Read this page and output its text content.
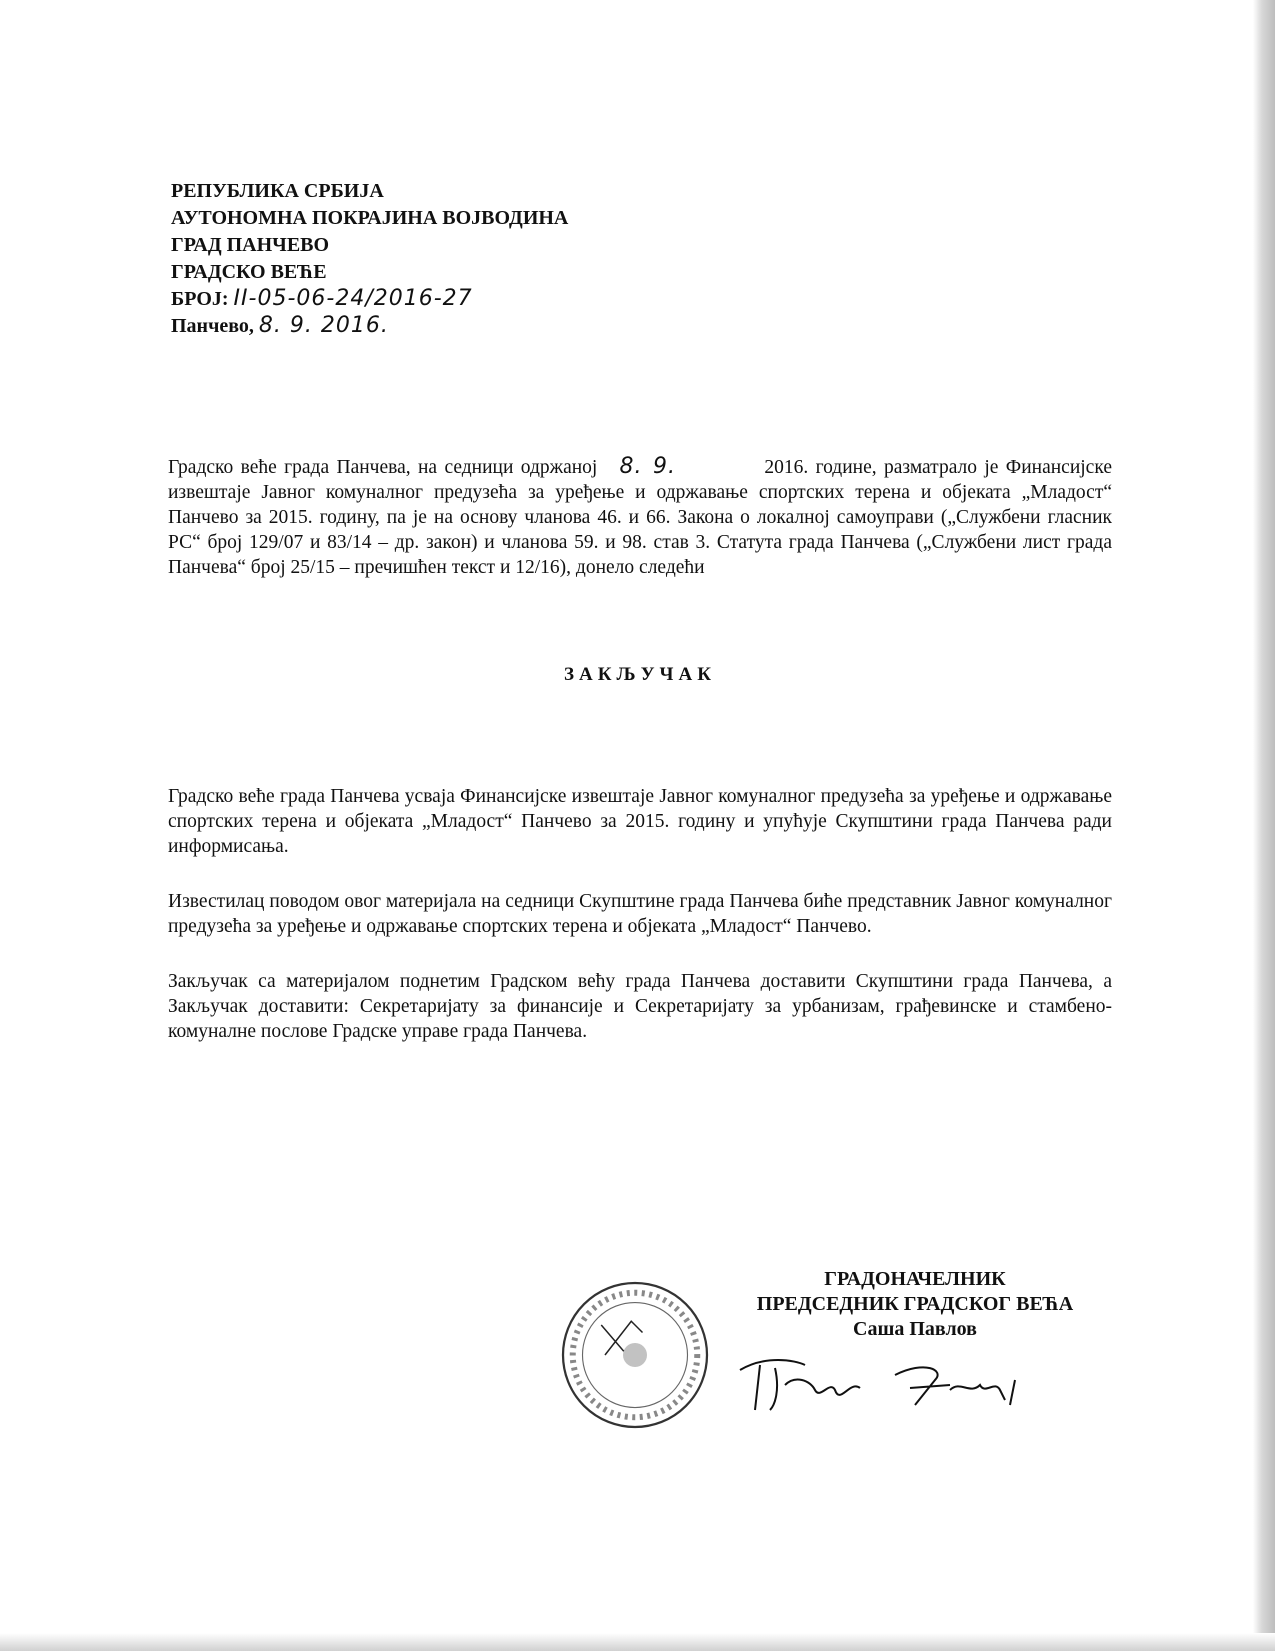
РЕПУБЛИКА СРБИЈА
АУТОНОМНА ПОКРАЈИНА ВОЈВОДИНА
ГРАД ПАНЧЕВО
ГРАДСКО ВЕЋЕ
БРОЈ: II-05-06-24/2016-27
Панчево, 8. 9. 2016.

Градско веће града Панчева, на седници одржаној 8. 9.	2016. године, разматрало је Финансијске извештаје Јавног комуналног предузећа за уређење и одржавање спортских терена и објеката „Младост“ Панчево за 2015. годину, па је на основу чланова 46. и 66. Закона о локалној самоуправи („Службени гласник РС“ број 129/07 и 83/14 – др. закон) и чланова 59. и 98. став 3. Статута града Панчева („Службени лист града Панчева“ број 25/15 – пречишћен текст и 12/16), донело следећи

ЗАКЉУЧАК

Градско веће града Панчева усваја Финансијске извештаје Јавног комуналног предузећа за уређење и одржавање спортских терена и објеката „Младост“ Панчево за 2015. годину и упућује Скупштини града Панчева ради информисања.

Известилац поводом овог материјала на седници Скупштине града Панчева биће представник Јавног комуналног предузећа за уређење и одржавање спортских терена и објеката „Младост“ Панчево.

Закључак са материјалом поднетим Градском већу града Панчева доставити Скупштини града Панчева, а Закључак доставити: Секретаријату за финансије и Секретаријату за урбанизам, грађевинске и стамбено-комуналне послове Градске управе града Панчева.

ГРАДОНАЧЕЛНИК
ПРЕДСЕДНИК ГРАДСКОГ ВЕЋА
Саша Павлов
